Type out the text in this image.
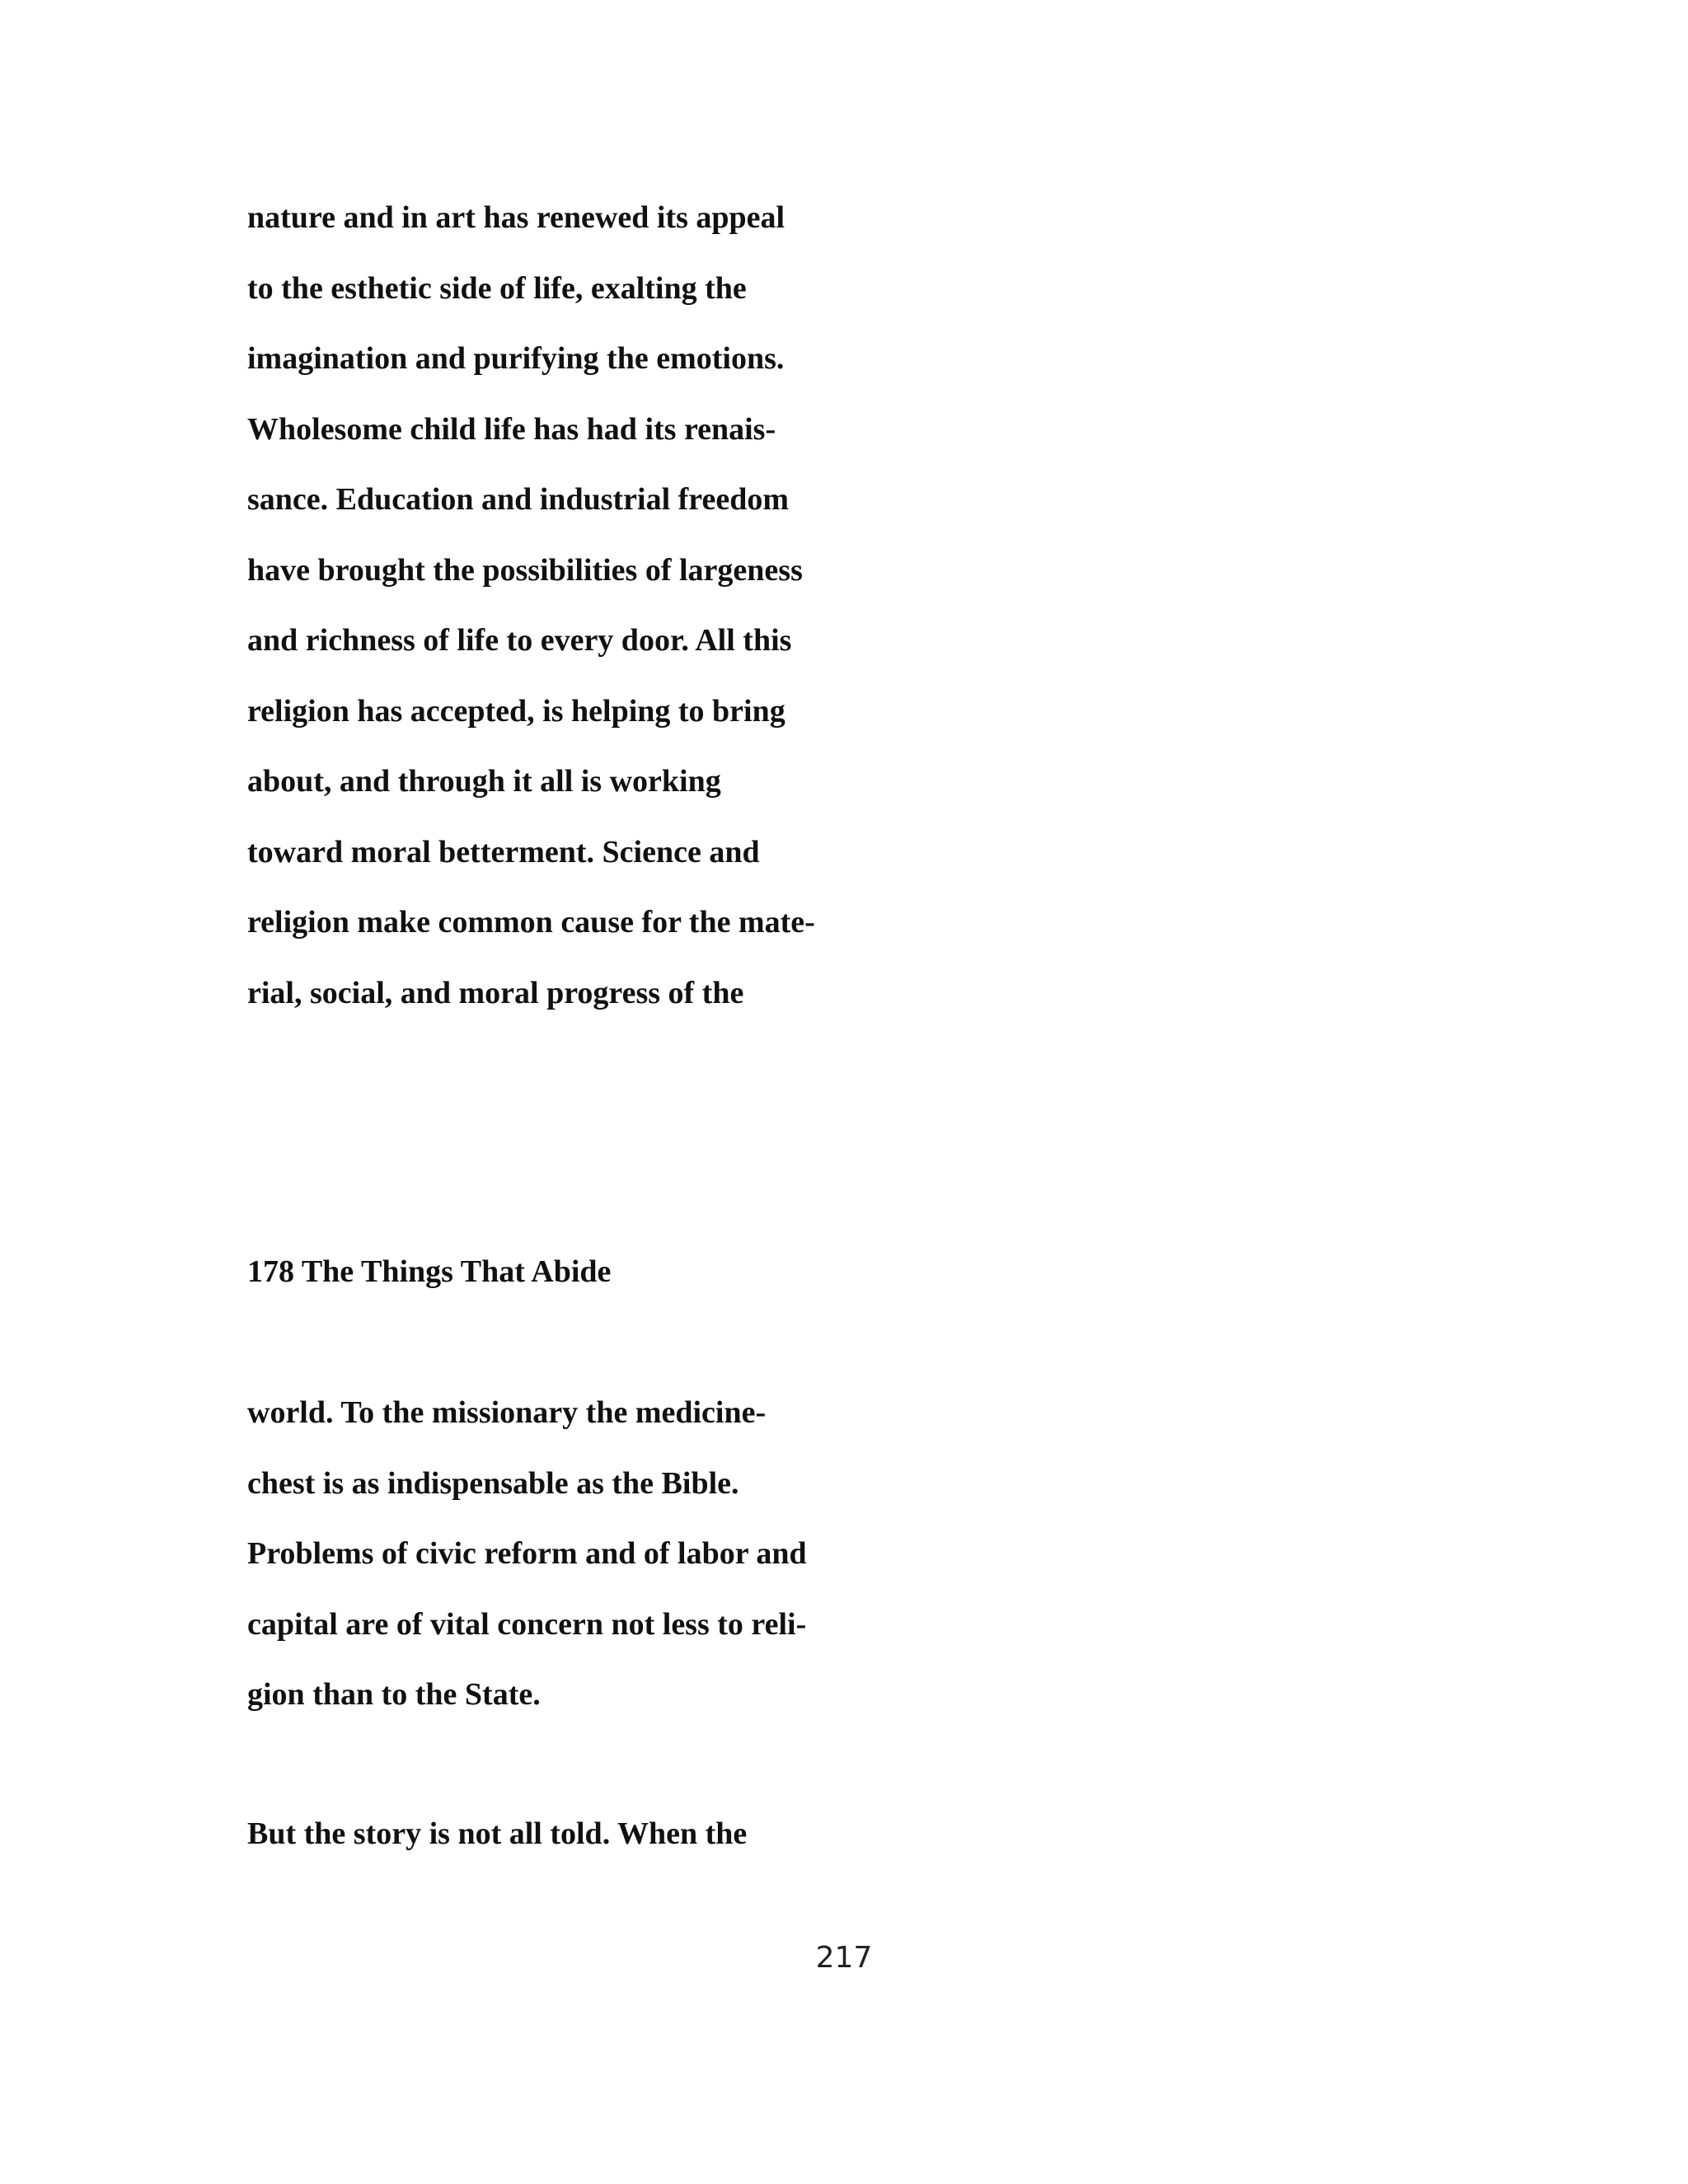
nature and in art has renewed its appeal
to the esthetic side of life, exalting the
imagination and purifying the emotions.
Wholesome child life has had its renais-
sance. Education and industrial freedom
have brought the possibilities of largeness
and richness of life to every door. All this
religion has accepted, is helping to bring
about, and through it all is working
toward moral betterment. Science and
religion make common cause for the mate-
rial, social, and moral progress of the
178 The Things That Abide
world. To the missionary the medicine-
chest is as indispensable as the Bible.
Problems of civic reform and of labor and
capital are of vital concern not less to reli-
gion than to the State.
But the story is not all told. When the
217
